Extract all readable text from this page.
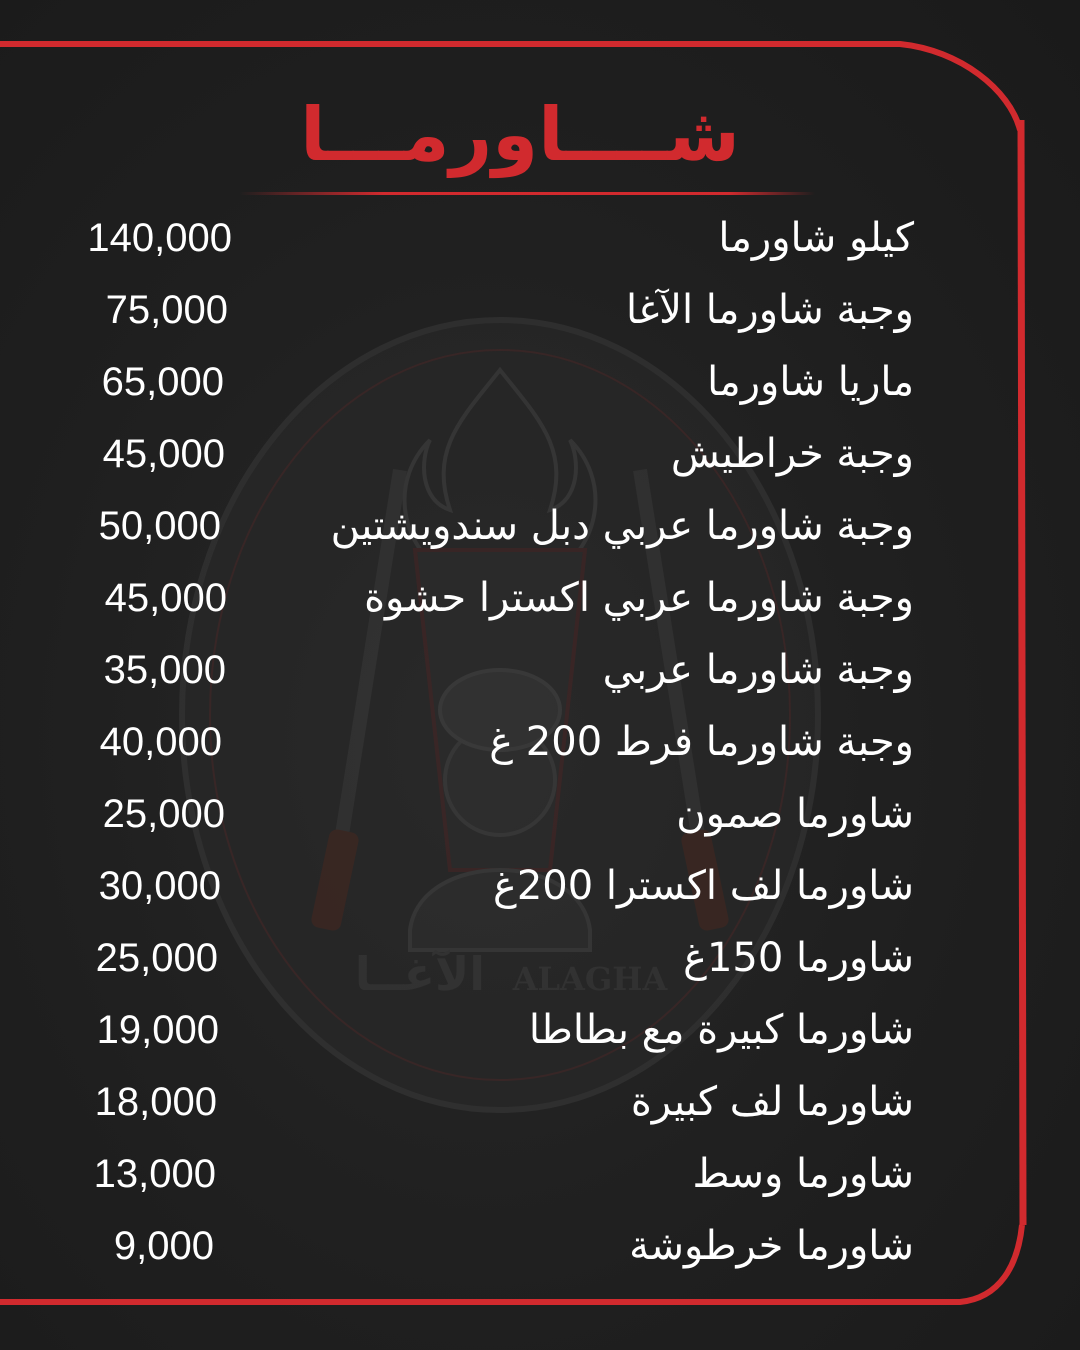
الآغــا ALAGHA
شــــاورمـــا
كيلو شاورما
140,000
وجبة شاورما الآغا
75,000
ماريا شاورما
65,000
وجبة خراطيش
45,000
وجبة شاورما عربي دبل سندويشتين
50,000
وجبة شاورما عربي اكسترا حشوة
45,000
وجبة شاورما عربي
35,000
وجبة شاورما فرط 200 غ
40,000
شاورما صمون
25,000
شاورما لف اكسترا 200غ
30,000
شاورما 150غ
25,000
شاورما كبيرة مع بطاطا
19,000
شاورما لف كبيرة
18,000
شاورما وسط
13,000
شاورما خرطوشة
9,000
